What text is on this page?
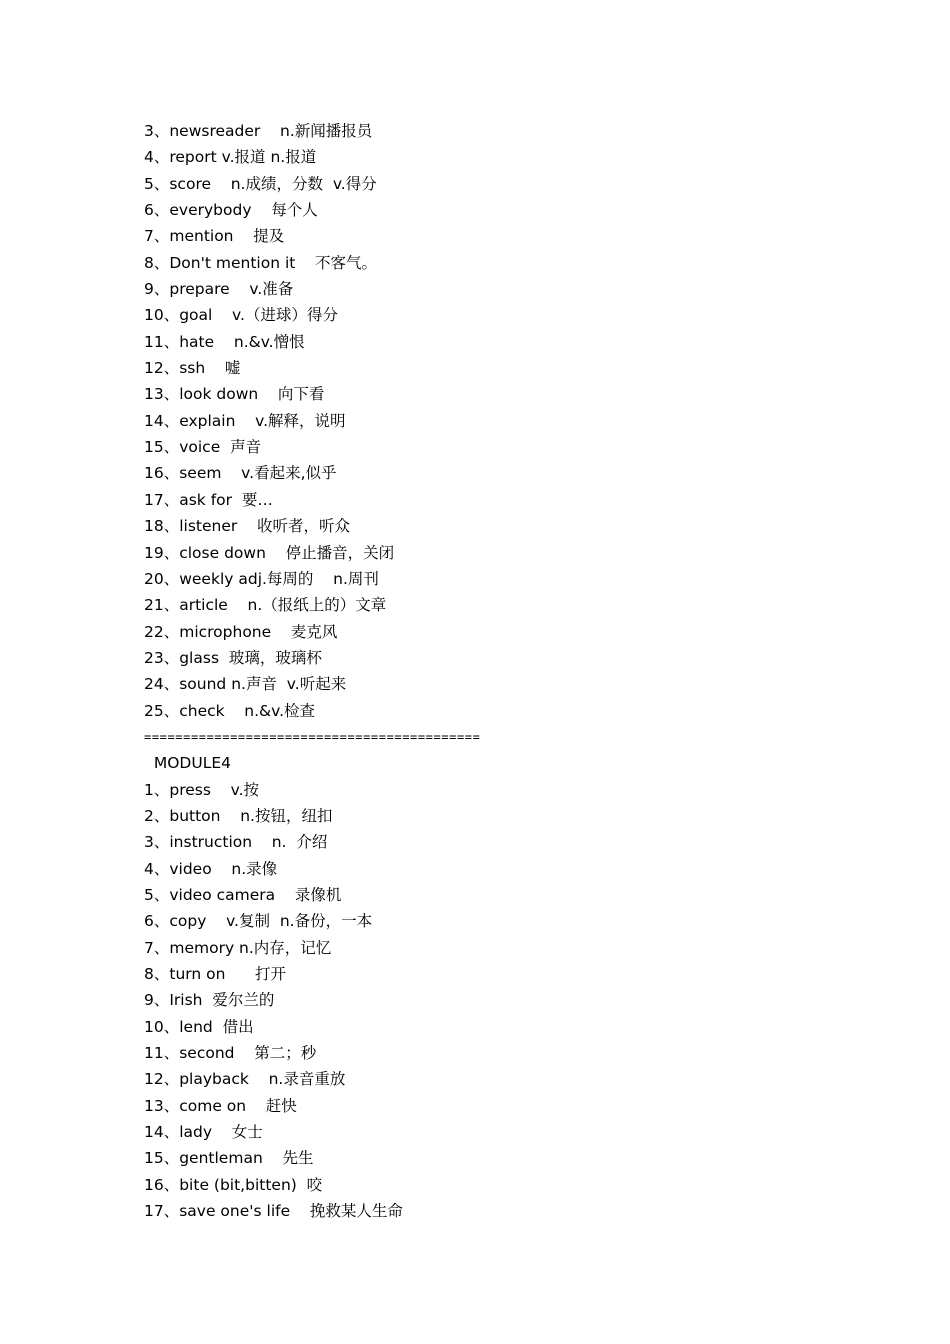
3、newsreader    n.新闻播报员
4、report v.报道 n.报道
5、score    n.成绩，分数  v.得分
6、everybody    每个人
7、mention    提及
8、Don't mention it    不客气。
9、prepare    v.准备
10、goal    v.（进球）得分
11、hate    n.&v.憎恨
12、ssh    嘘
13、look down    向下看
14、explain    v.解释，说明
15、voice  声音
16、seem    v.看起来,似乎
17、ask for  要…
18、listener    收听者，听众
19、close down    停止播音，关闭
20、weekly adj.每周的    n.周刊
21、article    n.（报纸上的）文章
22、microphone    麦克风
23、glass  玻璃，玻璃杯
24、sound n.声音  v.听起来
25、check    n.&v.检查
===========================================
MODULE4
1、press    v.按
2、button    n.按钮，纽扣
3、instruction    n.  介绍
4、video    n.录像
5、video camera    录像机
6、copy    v.复制  n.备份，一本
7、memory n.内存，记忆
8、turn on      打开
9、Irish  爱尔兰的
10、lend  借出
11、second    第二；秒
12、playback    n.录音重放
13、come on    赶快
14、lady    女士
15、gentleman    先生
16、bite (bit,bitten)  咬
17、save one's life    挽救某人生命
